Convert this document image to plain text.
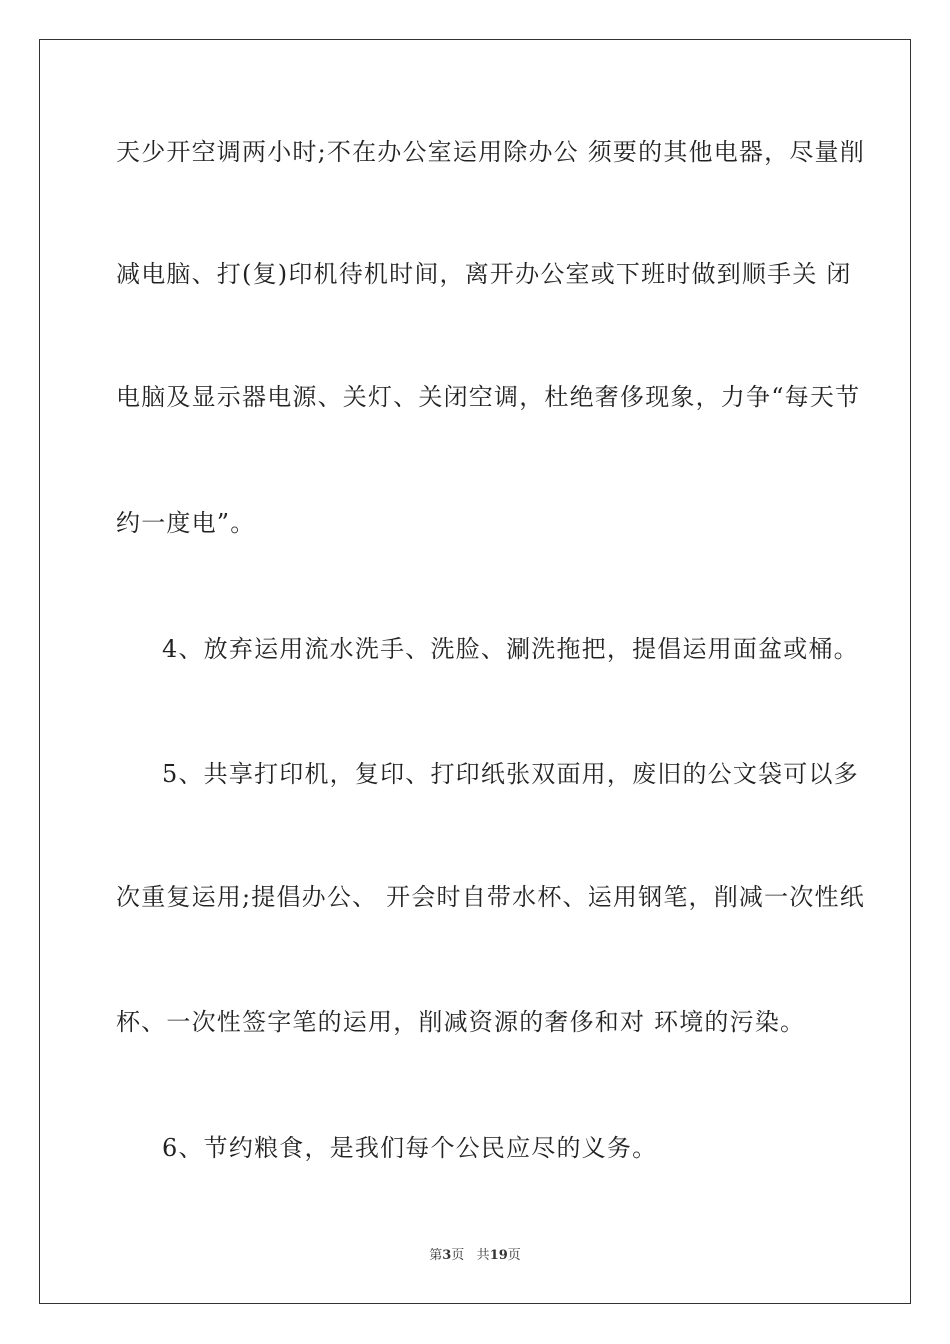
天少开空调两小时;不在办公室运用除办公 须要的其他电器，尽量削
减电脑、打(复)印机待机时间，离开办公室或下班时做到顺手关 闭
电脑及显示器电源、关灯、关闭空调，杜绝奢侈现象，力争“每天节
约一度电”。
4、放弃运用流水洗手、洗脸、涮洗拖把，提倡运用面盆或桶。
5、共享打印机，复印、打印纸张双面用，废旧的公文袋可以多
次重复运用;提倡办公、 开会时自带水杯、运用钢笔，削减一次性纸
杯、一次性签字笔的运用，削减资源的奢侈和对 环境的污染。
6、节约粮食，是我们每个公民应尽的义务。
第3页 共19页
